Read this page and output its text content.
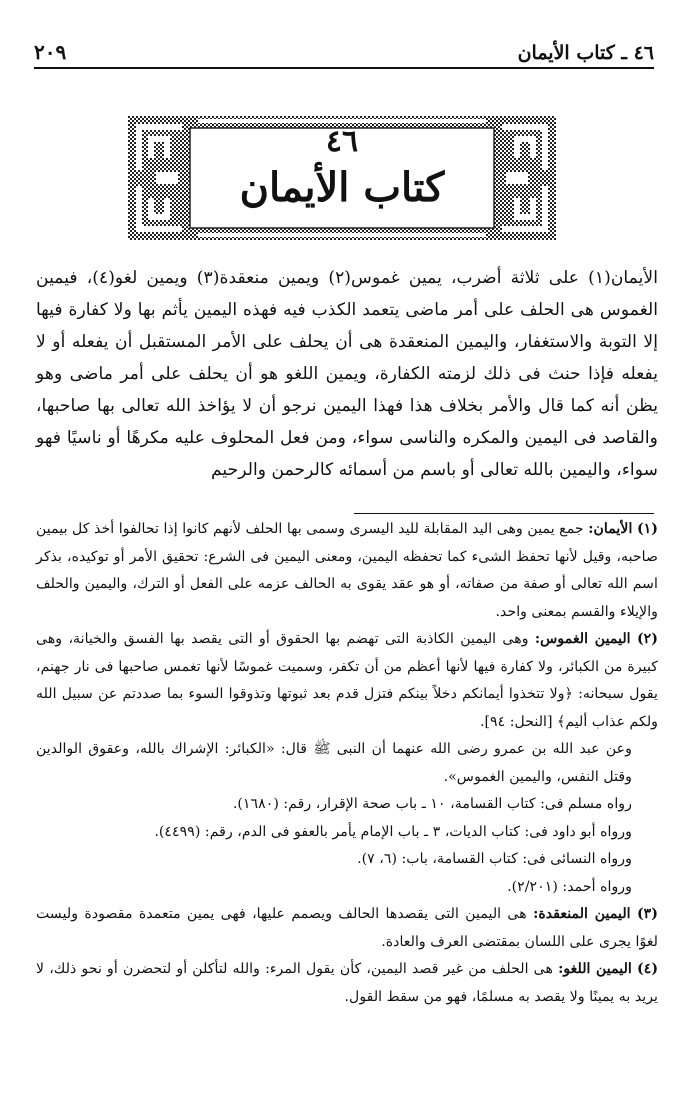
٤٦ ـ كتاب الأيمان
٢٠٩
٤٦
كتاب الأيمان

الأيمان(١) على ثلاثة أضرب، يمين غموس(٢) ويمين منعقدة(٣) ويمين لغو(٤)، فيمين الغموس هى الحلف على أمر ماضى يتعمد الكذب فيه فهذه اليمين يأثم بها ولا كفارة فيها إلا التوبة والاستغفار، واليمين المنعقدة هى أن يحلف على الأمر المستقبل أن يفعله أو لا يفعله فإذا حنث فى ذلك لزمته الكفارة، ويمين اللغو هو أن يحلف على أمر ماضى وهو يظن أنه كما قال والأمر بخلاف هذا فهذا اليمين نرجو أن لا يؤاخذ الله تعالى بها صاحبها، والقاصد فى اليمين والمكره والناسى سواء، ومن فعل المحلوف عليه مكرهًا أو ناسيًا فهو سواء، واليمين بالله تعالى أو باسم من أسمائه كالرحمن والرحيم

(١) الأيمان: جمع يمين وهى اليد المقابلة لليد اليسرى وسمى بها الحلف لأنهم كانوا إذا تحالفوا أخذ كل بيمين صاحبه، وقيل لأنها تحفظ الشىء كما تحفظه اليمين، ومعنى اليمين فى الشرع: تحقيق الأمر أو توكيده، بذكر اسم الله تعالى أو صفة من صفاته، أو هو عقد يقوى به الحالف عزمه على الفعل أو الترك، واليمين والحلف والإيلاء والقسم بمعنى واحد.

(٢) اليمين الغموس: وهى اليمين الكاذبة التى تهضم بها الحقوق أو التى يقصد بها الفسق والخيانة، وهى كبيرة من الكبائر، ولا كفارة فيها لأنها أعظم من أن تكفر، وسميت غموسًا لأنها تغمس صاحبها فى نار جهنم، يقول سبحانه: ﴿ولا تتخذوا أيمانكم دخلاً بينكم فتزل قدم بعد ثبوتها وتذوقوا السوء بما صددتم عن سبيل الله ولكم عذاب أليم﴾ [النحل: ٩٤].

وعن عبد الله بن عمرو رضى الله عنهما أن النبى ﷺ قال: «الكبائر: الإشراك بالله، وعقوق الوالدين وقتل النفس، واليمين الغموس».

رواه مسلم فى: كتاب القسامة، ١٠ ـ باب صحة الإقرار، رقم: (١٦٨٠).

ورواه أبو داود فى: كتاب الديات، ٣ ـ باب الإمام يأمر بالعفو فى الدم، رقم: (٤٤٩٩).

ورواه النسائى فى: كتاب القسامة، باب: (٦، ٧).

ورواه أحمد: (٢/٢٠١).

(٣) اليمين المنعقدة: هى اليمين التى يقصدها الحالف ويصمم عليها، فهى يمين متعمدة مقصودة وليست لغوًا يجرى على اللسان بمقتضى العرف والعادة.

(٤) اليمين اللغو: هى الحلف من غير قصد اليمين، كأن يقول المرء: والله لتأكلن أو لتحضرن أو نحو ذلك، لا يريد به يمينًا ولا يقصد به مسلمًا، فهو من سقط القول.
